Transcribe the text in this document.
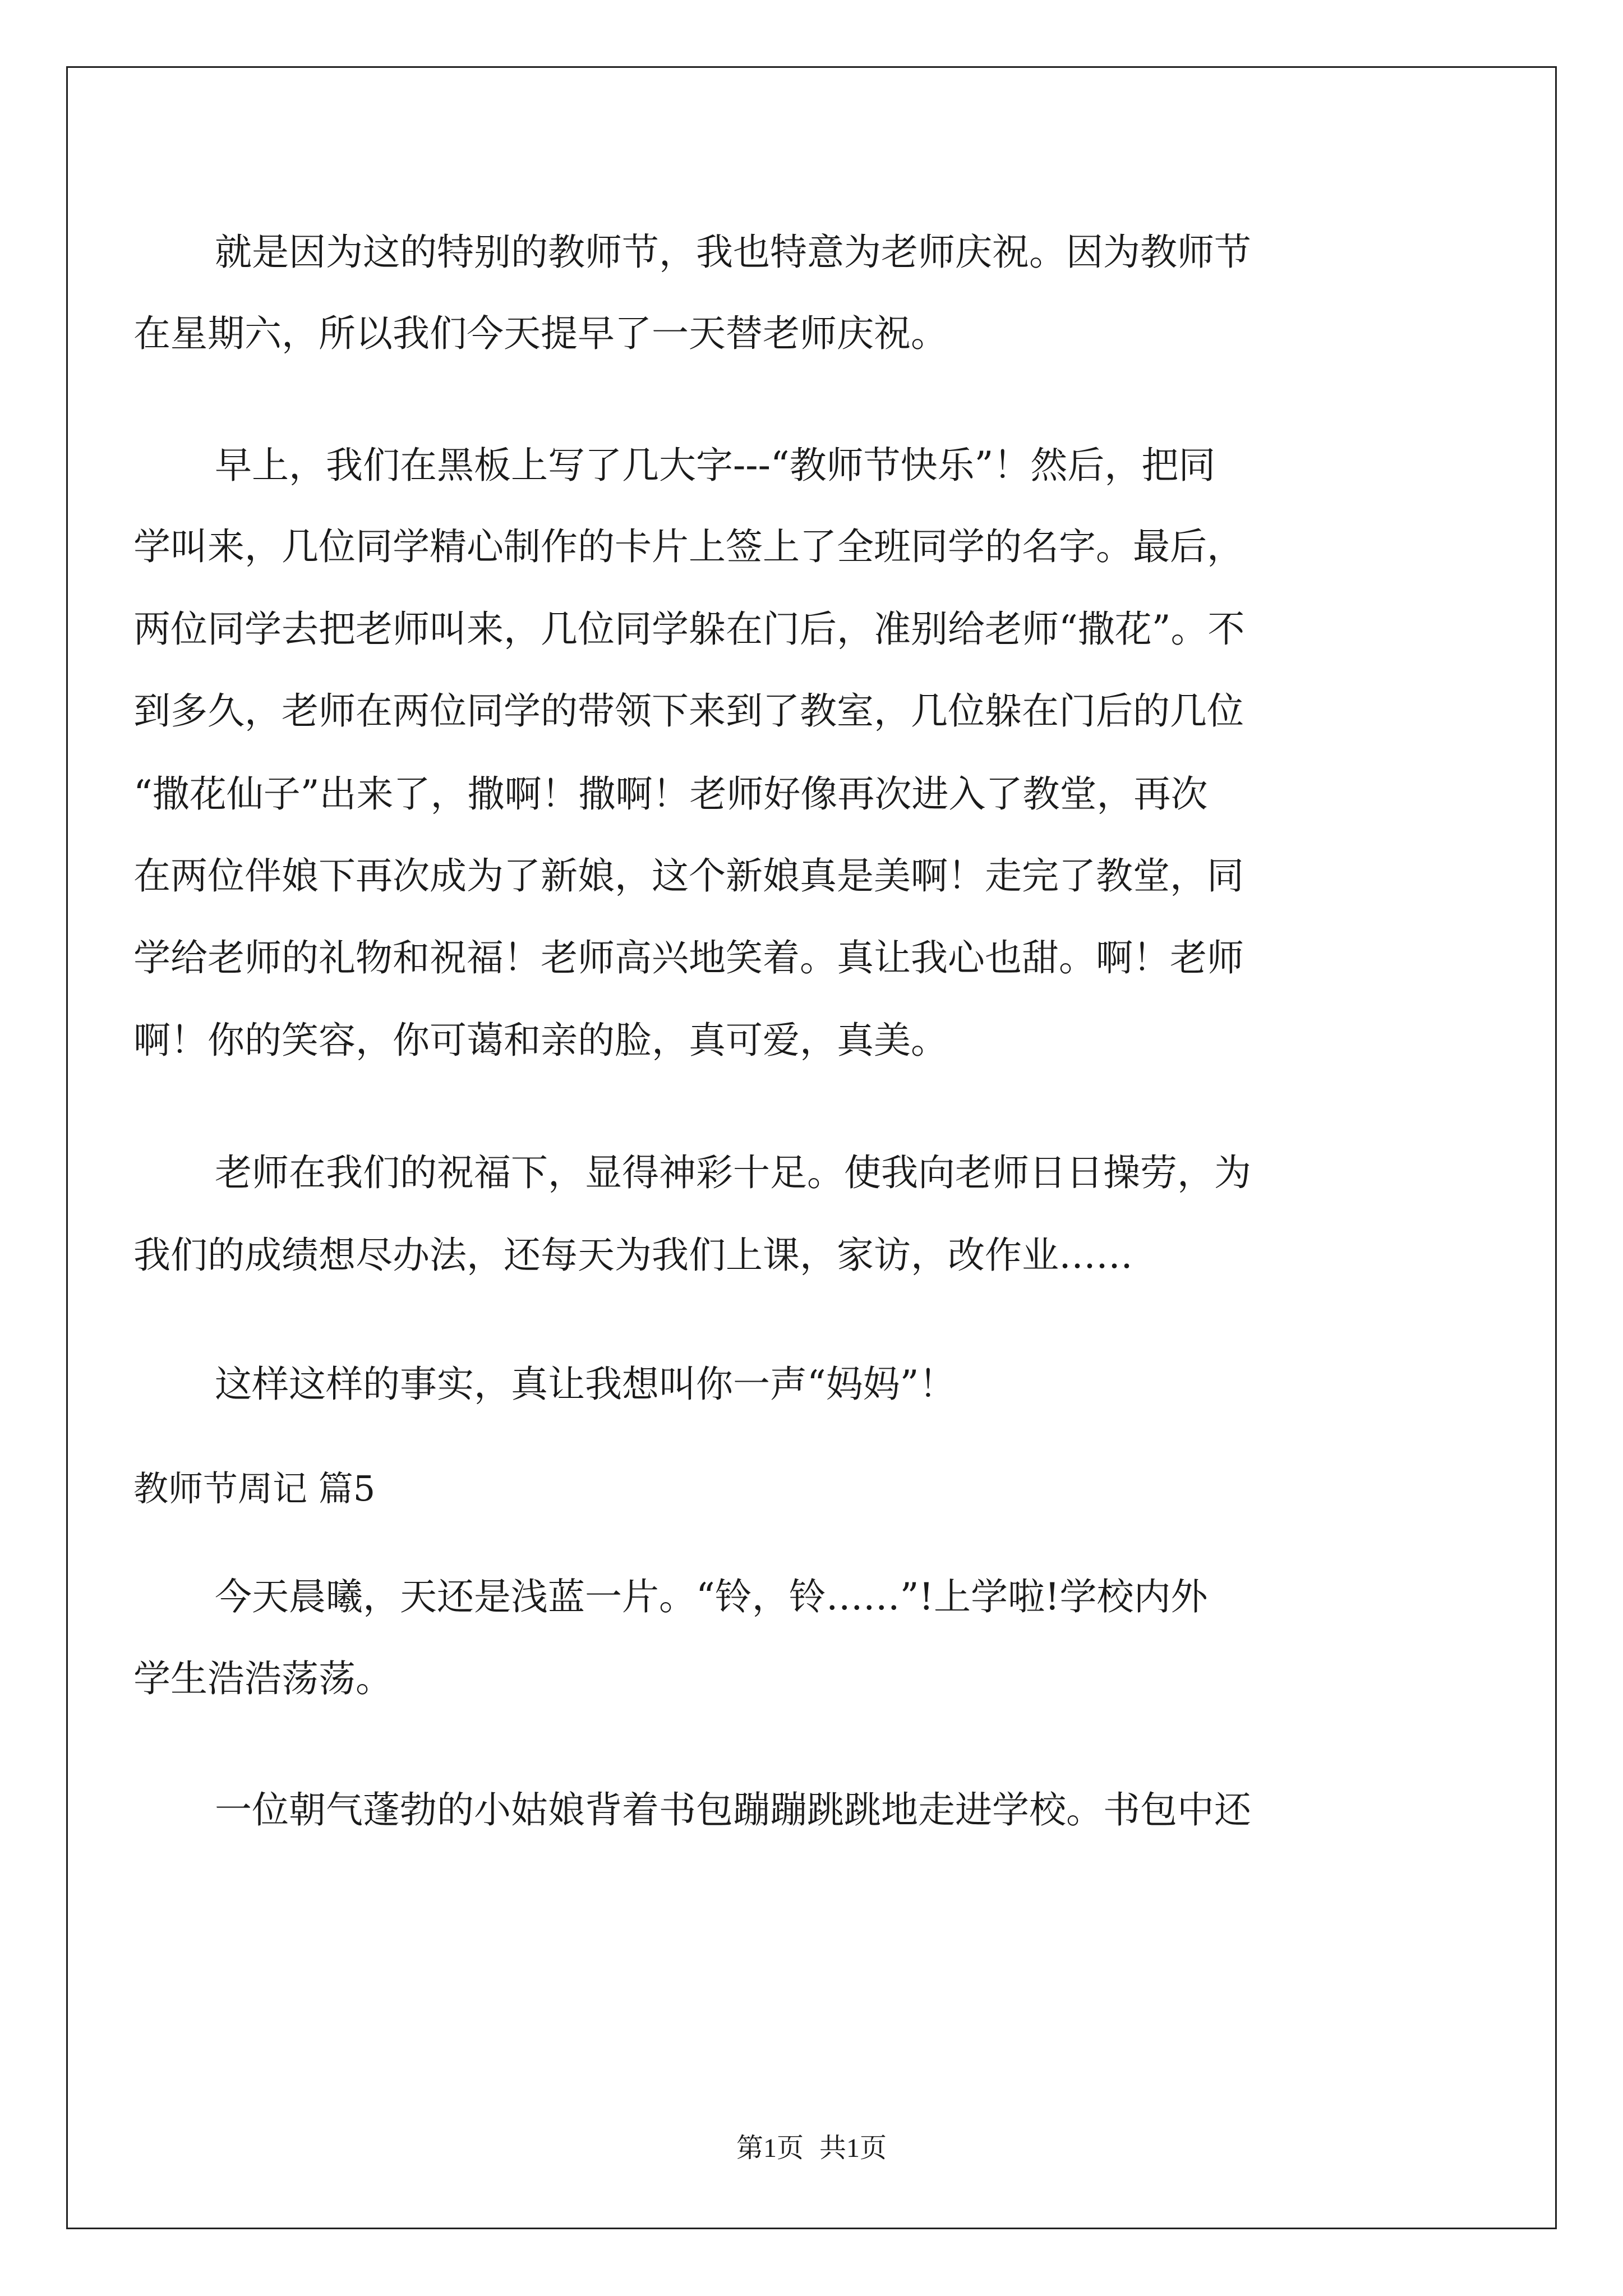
就是因为这的特别的教师节，我也特意为老师庆祝。因为教师节
在星期六，所以我们今天提早了一天替老师庆祝。
早上，我们在黑板上写了几大字---“教师节快乐”！然后，把同
学叫来，几位同学精心制作的卡片上签上了全班同学的名字。最后，
两位同学去把老师叫来，几位同学躲在门后，准别给老师“撒花”。不
到多久，老师在两位同学的带领下来到了教室，几位躲在门后的几位
“撒花仙子”出来了，撒啊！撒啊！老师好像再次进入了教堂，再次
在两位伴娘下再次成为了新娘，这个新娘真是美啊！走完了教堂，同
学给老师的礼物和祝福！老师高兴地笑着。真让我心也甜。啊！老师
啊！你的笑容，你可蔼和亲的脸，真可爱，真美。
老师在我们的祝福下，显得神彩十足。使我向老师日日操劳，为
我们的成绩想尽办法，还每天为我们上课，家访，改作业……
这样这样的事实，真让我想叫你一声“妈妈”！
教师节周记 篇5
今天晨曦，天还是浅蓝一片。“铃，铃……”!上学啦!学校内外
学生浩浩荡荡。
一位朝气蓬勃的小姑娘背着书包蹦蹦跳跳地走进学校。书包中还
第1页 共1页
